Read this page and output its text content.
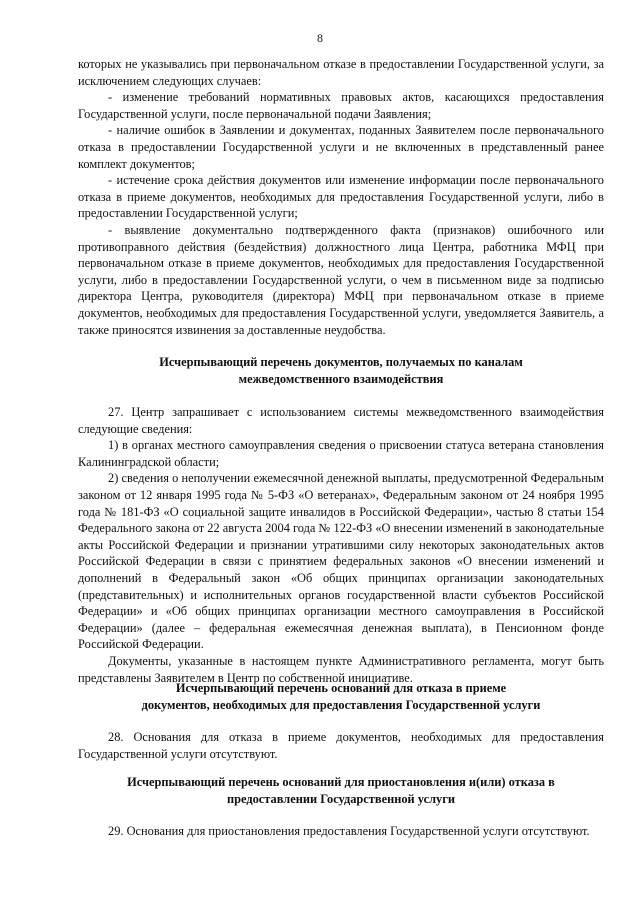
8

которых не указывались при первоначальном отказе в предоставлении Государственной услуги, за исключением следующих случаев:

- изменение требований нормативных правовых актов, касающихся предоставления Государственной услуги, после первоначальной подачи Заявления;

- наличие ошибок в Заявлении и документах, поданных Заявителем после первоначального отказа в предоставлении Государственной услуги и не включенных в представленный ранее комплект документов;

- истечение срока действия документов или изменение информации после первоначального отказа в приеме документов, необходимых для предоставления Государственной услуги, либо в предоставлении Государственной услуги;

- выявление документально подтвержденного факта (признаков) ошибочного или противоправного действия (бездействия) должностного лица Центра, работника МФЦ при первоначальном отказе в приеме документов, необходимых для предоставления Государственной услуги, либо в предоставлении Государственной услуги, о чем в письменном виде за подписью директора Центра, руководителя (директора) МФЦ при первоначальном отказе в приеме документов, необходимых для предоставления Государственной услуги, уведомляется Заявитель, а также приносятся извинения за доставленные неудобства.

Исчерпывающий перечень документов, получаемых по каналам
межведомственного взаимодействия

27. Центр запрашивает с использованием системы межведомственного взаимодействия следующие сведения:

1) в органах местного самоуправления сведения о присвоении статуса ветерана становления Калининградской области;

2) сведения о неполучении ежемесячной денежной выплаты, предусмотренной Федеральным законом от 12 января 1995 года № 5-ФЗ «О ветеранах», Федеральным законом от 24 ноября 1995 года № 181-ФЗ «О социальной защите инвалидов в Российской Федерации», частью 8 статьи 154 Федерального закона от 22 августа 2004 года № 122-ФЗ «О внесении изменений в законодательные акты Российской Федерации и признании утратившими силу некоторых законодательных актов Российской Федерации в связи с принятием федеральных законов «О внесении изменений и дополнений в Федеральный закон «Об общих принципах организации законодательных (представительных) и исполнительных органов государственной власти субъектов Российской Федерации» и «Об общих принципах организации местного самоуправления в Российской Федерации» (далее – федеральная ежемесячная денежная выплата), в Пенсионном фонде Российской Федерации.

Документы, указанные в настоящем пункте Административного регламента, могут быть представлены Заявителем в Центр по собственной инициативе.

Исчерпывающий перечень оснований для отказа в приеме
документов, необходимых для предоставления Государственной услуги

28. Основания для отказа в приеме документов, необходимых для предоставления Государственной услуги отсутствуют.

Исчерпывающий перечень оснований для приостановления и(или) отказа в
предоставлении Государственной услуги

29. Основания для приостановления предоставления Государственной услуги отсутствуют.
